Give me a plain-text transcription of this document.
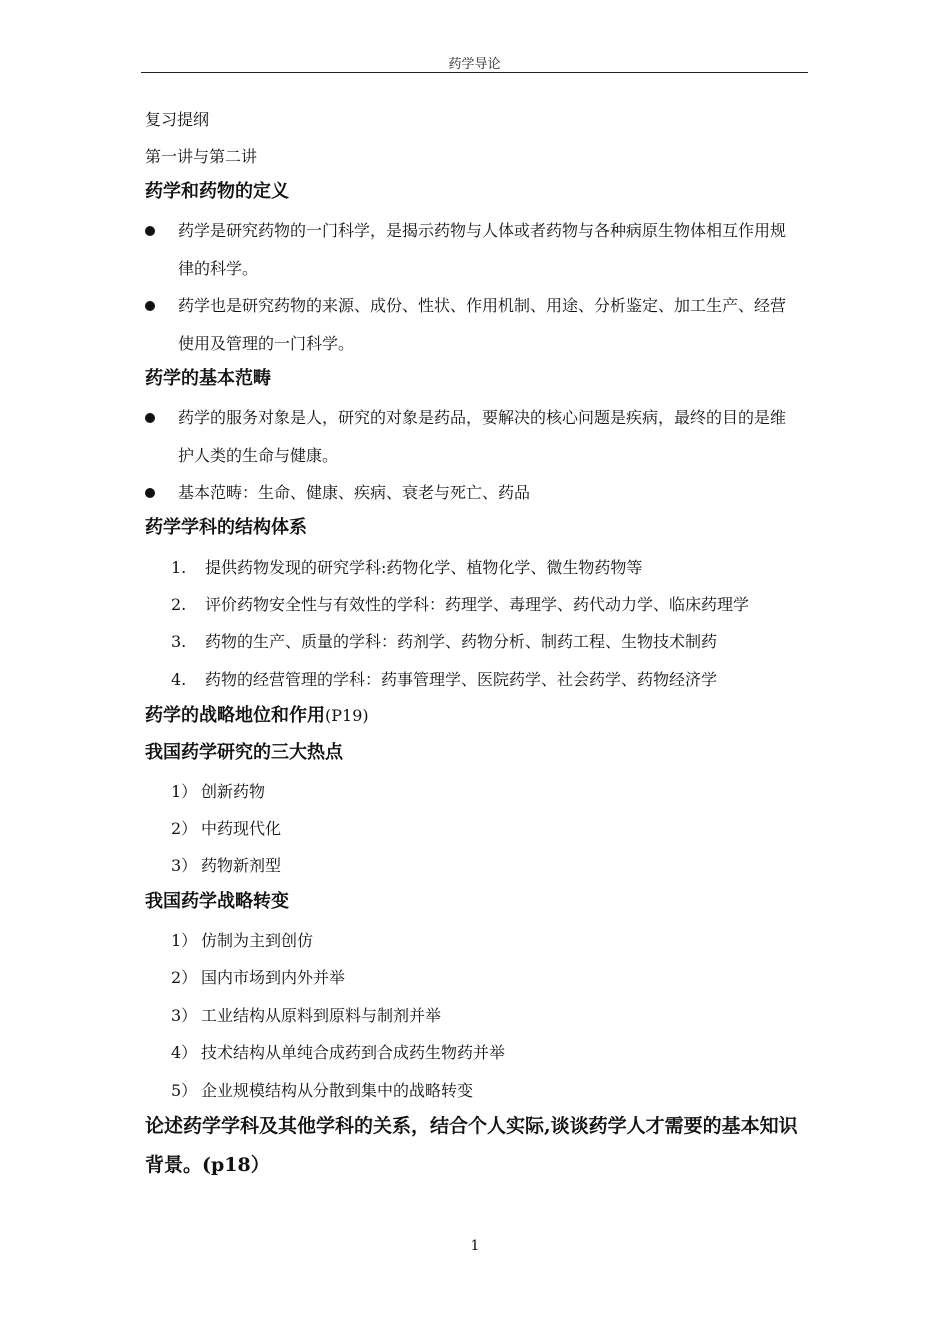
药学导论
复习提纲
第一讲与第二讲
药学和药物的定义
药学是研究药物的一门科学，是揭示药物与人体或者药物与各种病原生物体相互作用规
律的科学。
药学也是研究药物的来源、成份、性状、作用机制、用途、分析鉴定、加工生产、经营
使用及管理的一门科学。
药学的基本范畴
药学的服务对象是人，研究的对象是药品，要解决的核心问题是疾病，最终的目的是维
护人类的生命与健康。
基本范畴：生命、健康、疾病、衰老与死亡、药品
药学学科的结构体系
1. 提供药物发现的研究学科:药物化学、植物化学、微生物药物等
2. 评价药物安全性与有效性的学科：药理学、毒理学、药代动力学、临床药理学
3. 药物的生产、质量的学科：药剂学、药物分析、制药工程、生物技术制药
4. 药物的经营管理的学科：药事管理学、医院药学、社会药学、药物经济学
药学的战略地位和作用(P19)
我国药学研究的三大热点
1） 创新药物
2） 中药现代化
3） 药物新剂型
我国药学战略转变
1） 仿制为主到创仿
2） 国内市场到内外并举
3） 工业结构从原料到原料与制剂并举
4） 技术结构从单纯合成药到合成药生物药并举
5） 企业规模结构从分散到集中的战略转变
论述药学学科及其他学科的关系，结合个人实际,谈谈药学人才需要的基本知识
背景。(p18）
1
